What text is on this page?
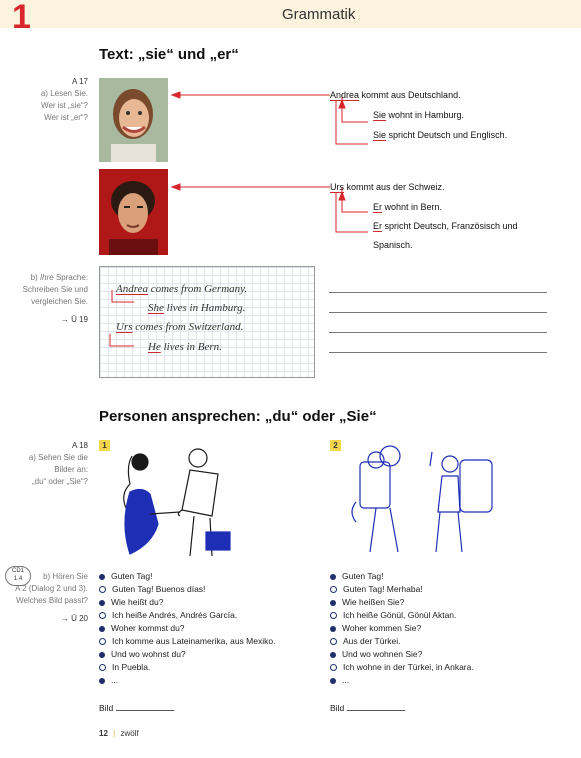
1	Grammatik
Text: „sie“ und „er“
A 17
a) Lesen Sie.
Wer ist „sie“?
Wer ist „er“?
Andrea kommt aus Deutschland.
Sie wohnt in Hamburg.
Sie spricht Deutsch und Englisch.
Urs kommt aus der Schweiz.
Er wohnt in Bern.
Er spricht Deutsch, Französisch und
Spanisch.
b) Ihre Sprache:
Schreiben Sie und
vergleichen Sie.
→ Ü 19
Andrea comes from Germany.
She lives in Hamburg.
Urs comes from Switzerland.
He lives in Bern.
Personen ansprechen: „du“ oder „Sie“
A 18
a) Sehen Sie die
Bilder an:
„du“ oder „Sie“?
1	2
CD1
1.4	b) Hören Sie
A 2 (Dialog 2 und 3).
Welches Bild passt?
→ Ü 20
Guten Tag!
Guten Tag! Buenos días!
Wie heißt du?
Ich heiße Andrés, Andrés García.
Woher kommst du?
Ich komme aus Lateinamerika, aus Mexiko.
Und wo wohnst du?
In Puebla.
...
Guten Tag!
Guten Tag! Merhaba!
Wie heißen Sie?
Ich heiße Gönül, Gönül Aktan.
Woher kommen Sie?
Aus der Türkei.
Und wo wohnen Sie?
Ich wohne in der Türkei, in Ankara.
...
Bild	Bild
12 | zwölf
